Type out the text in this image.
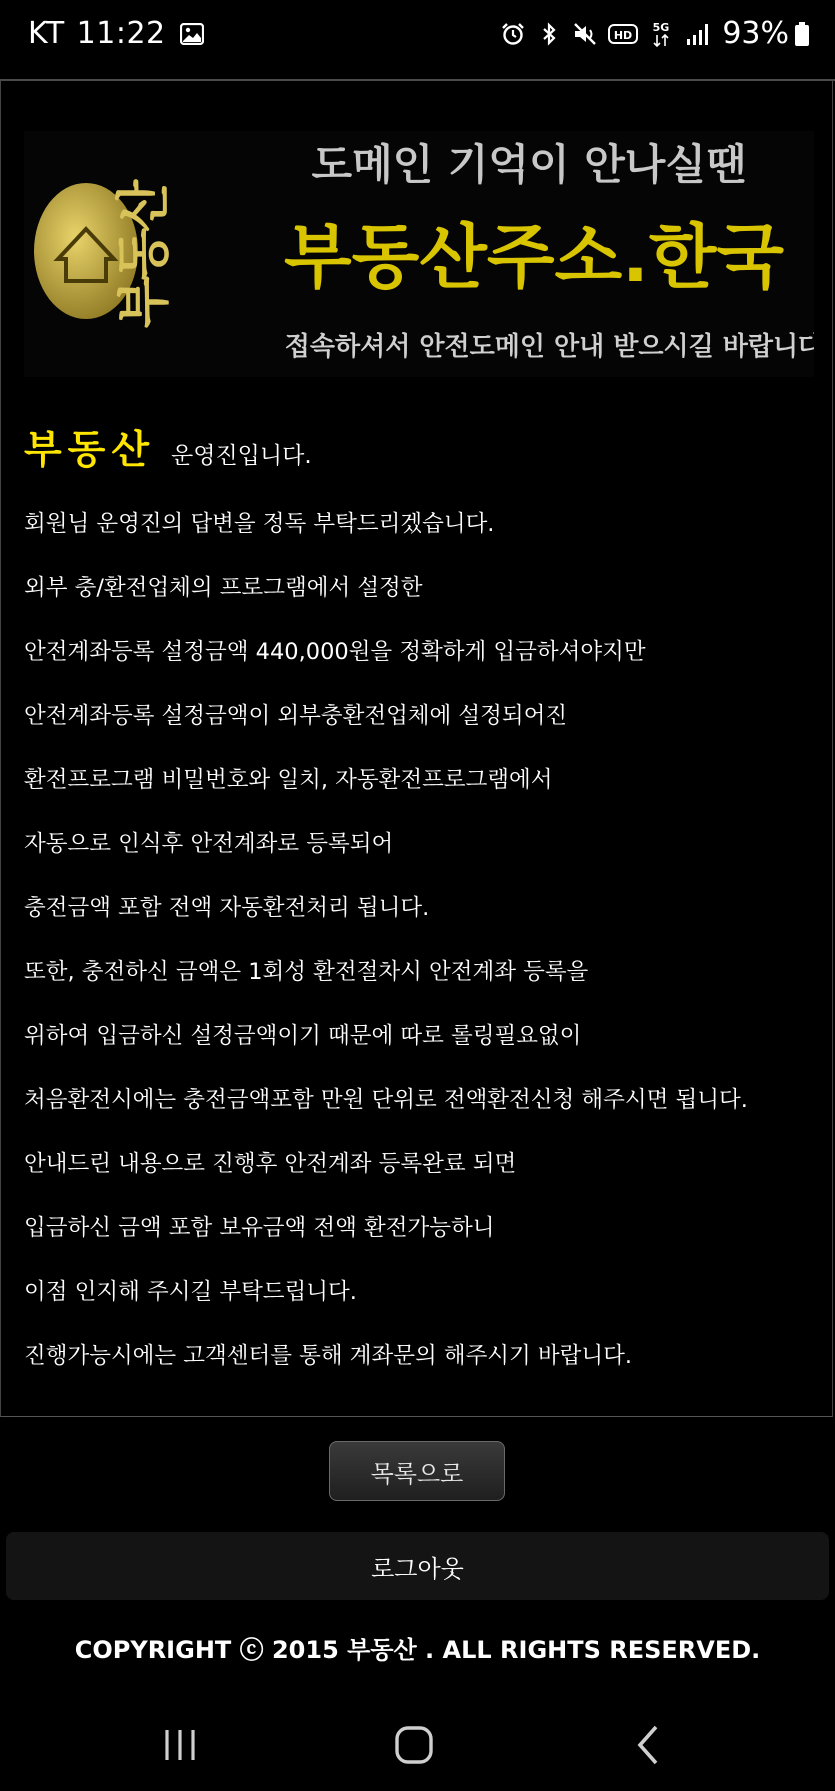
KT 11:22	HD
5G 93%
부동산
도메인 기억이 안나실땐
부동산주소.한국
접속하셔서 안전도메인 안내 받으시길 바랍니다
부동산 운영진입니다.
회원님 운영진의 답변을 정독 부탁드리겠습니다.
외부 충/환전업체의 프로그램에서 설정한
안전계좌등록 설정금액 440,000원을 정확하게 입금하셔야지만
안전계좌등록 설정금액이 외부충환전업체에 설정되어진
환전프로그램 비밀번호와 일치, 자동환전프로그램에서
자동으로 인식후 안전계좌로 등록되어
충전금액 포함 전액 자동환전처리 됩니다.
또한, 충전하신 금액은 1회성 환전절차시 안전계좌 등록을
위하여 입금하신 설정금액이기 때문에 따로 롤링필요없이
처음환전시에는 충전금액포함 만원 단위로 전액환전신청 해주시면 됩니다.
안내드린 내용으로 진행후 안전계좌 등록완료 되면
입금하신 금액 포함 보유금액 전액 환전가능하니
이점 인지해 주시길 부탁드립니다.
진행가능시에는 고객센터를 통해 계좌문의 해주시기 바랍니다.
목록으로
로그아웃
COPYRIGHT ⓒ 2015 부동산 . ALL RIGHTS RESERVED.
